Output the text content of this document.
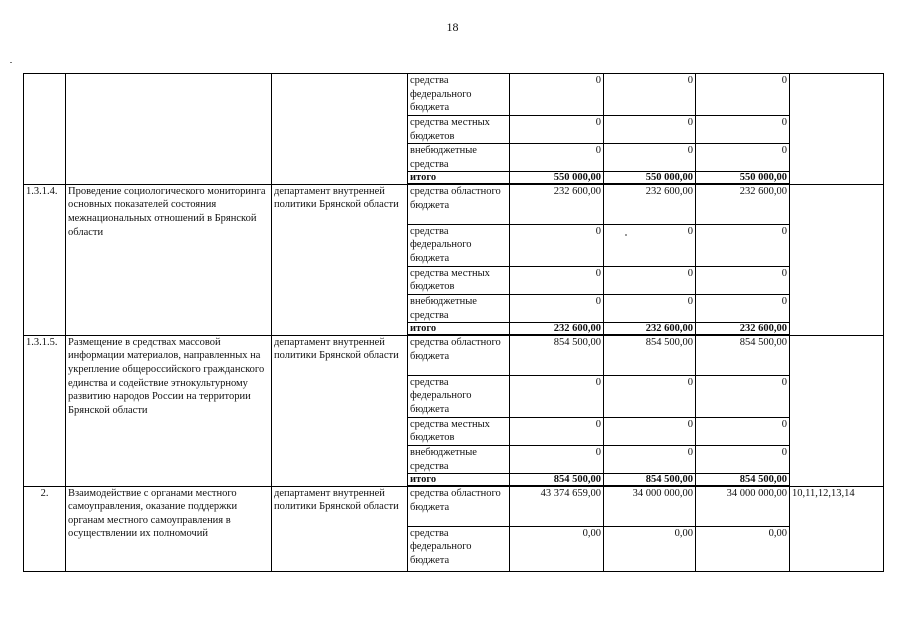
18
			средства федерального бюджета	0	0	0	
			средства местных бюджетов	0	0	0	
			внебюджетные средства	0	0	0	
			итого	550 000,00	550 000,00	550 000,00	
1.3.1.4.	Проведение социологического мониторинга основных показателей состояния межнациональных отношений в Брянской области	департамент внутренней политики Брянской области	средства областного бюджета	232 600,00	232 600,00	232 600,00	
			средства федерального бюджета	0	0	0	
			средства местных бюджетов	0	0	0	
			внебюджетные средства	0	0	0	
			итого	232 600,00	232 600,00	232 600,00	
1.3.1.5.	Размещение в средствах массовой информации материалов, направленных на укрепление общероссийского гражданского единства и содействие этнокультурному развитию народов России на территории Брянской области	департамент внутренней политики Брянской области	средства областного бюджета	854 500,00	854 500,00	854 500,00	
			средства федерального бюджета	0	0	0	
			средства местных бюджетов	0	0	0	
			внебюджетные средства	0	0	0	
			итого	854 500,00	854 500,00	854 500,00	
2.	Взаимодействие с органами местного самоуправления, оказание поддержки органам местного самоуправления в осуществлении их полномочий	департамент внутренней политики Брянской области	средства областного бюджета	43 374 659,00	34 000 000,00	34 000 000,00	10,11,12,13,14
			средства федерального бюджета	0,00	0,00	0,00	
